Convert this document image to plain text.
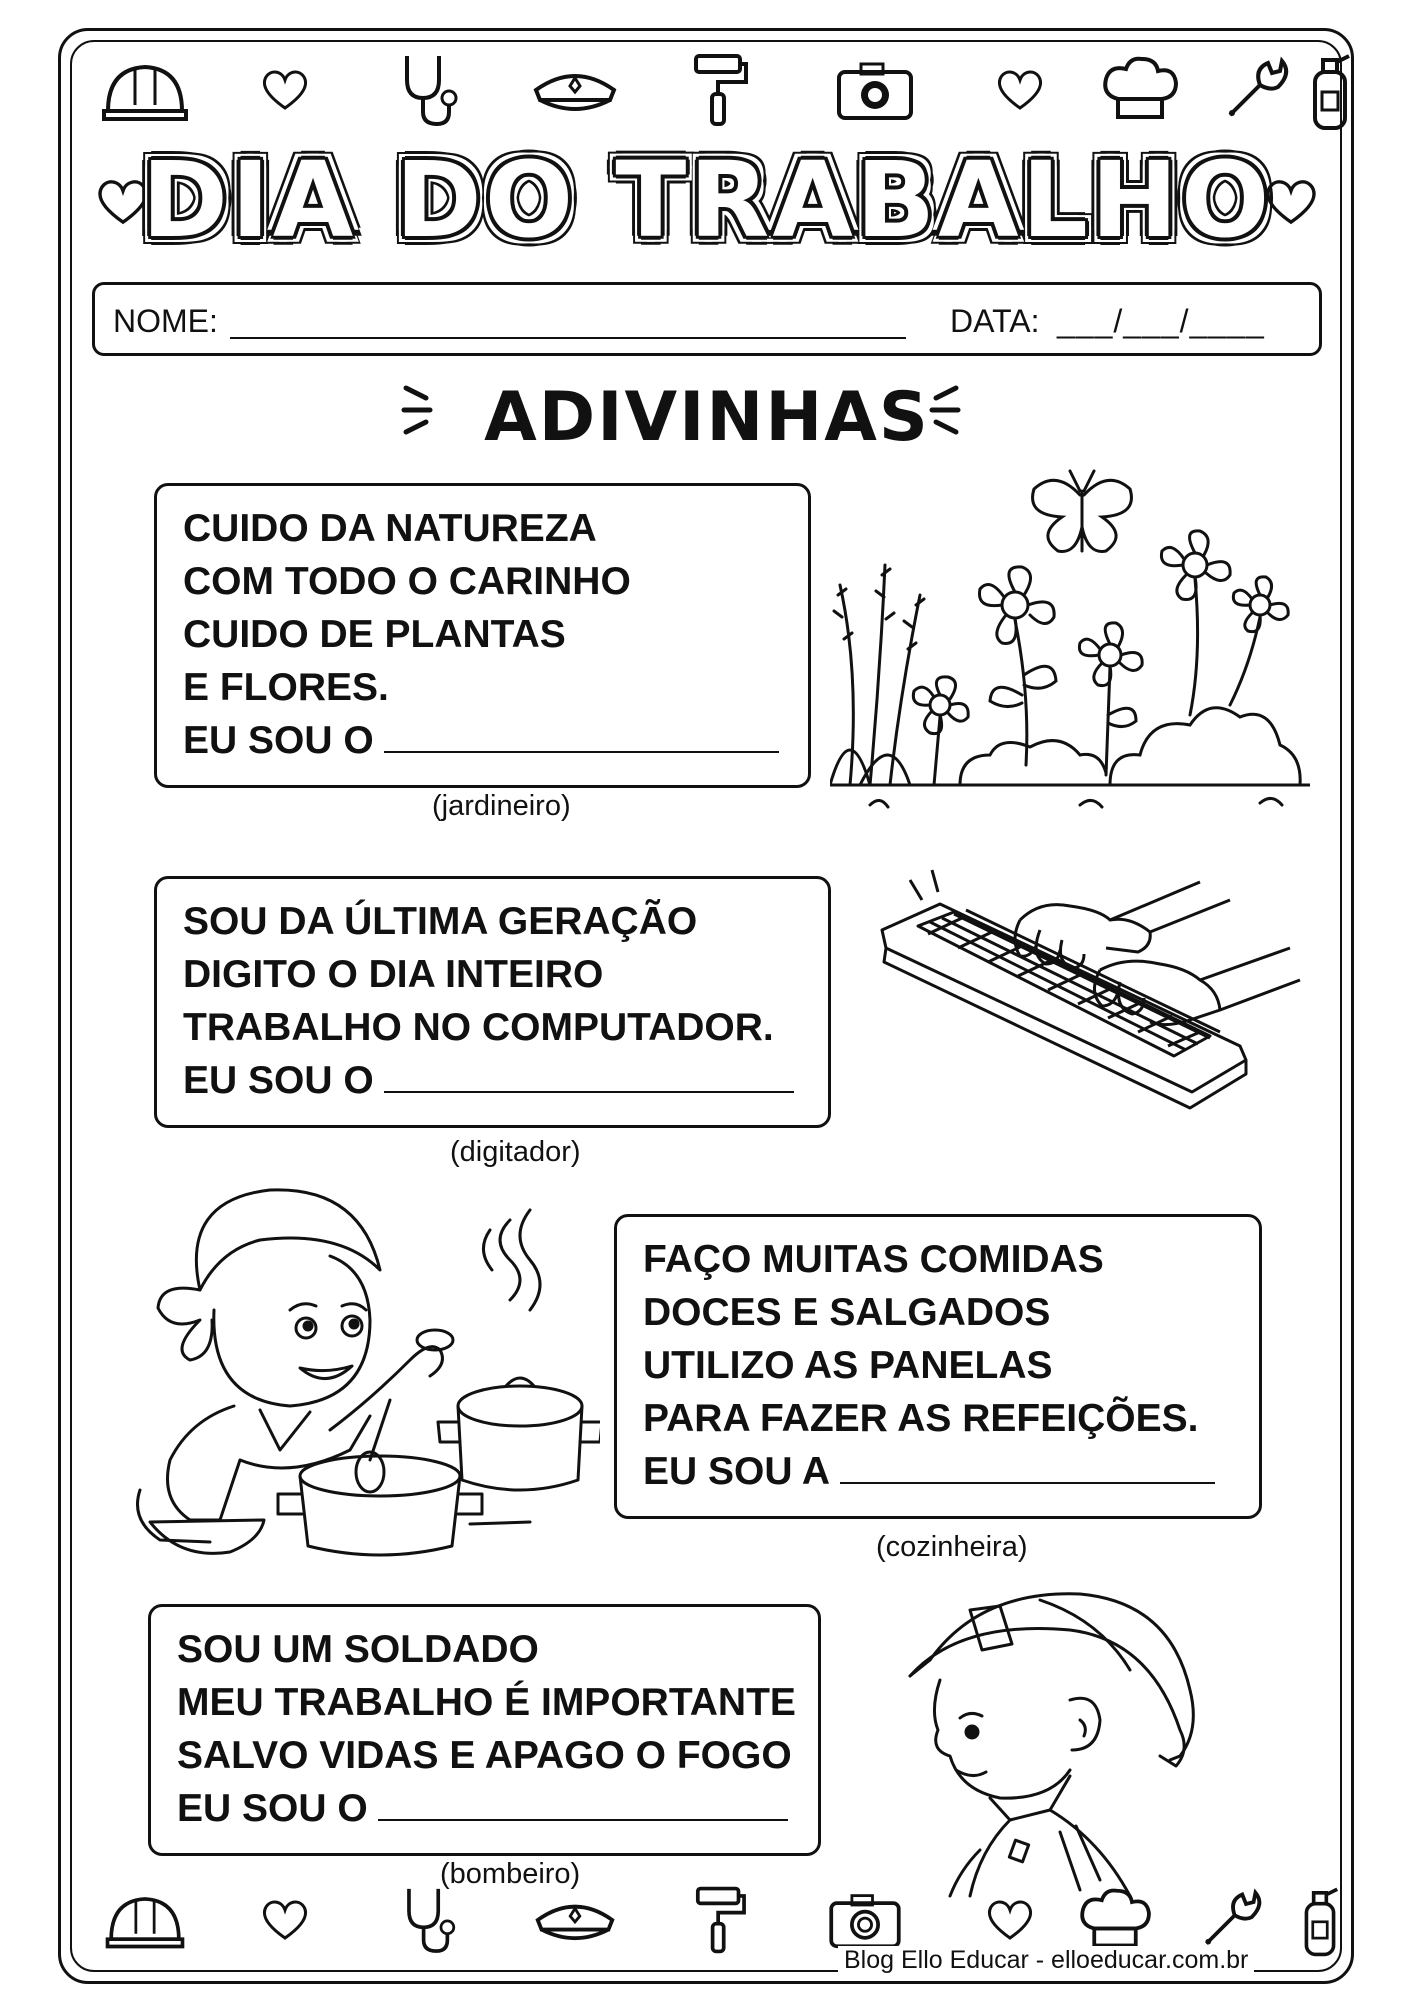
DIA DO TRABALHO
NOME:	DATA: ___/___/____
ADIVINHAS
CUIDO DA NATUREZA
COM TODO O CARINHO
CUIDO DE PLANTAS
E FLORES.
EU SOU O
(jardineiro)
SOU DA ÚLTIMA GERAÇÃO
DIGITO O DIA INTEIRO
TRABALHO NO COMPUTADOR.
EU SOU O
(digitador)
FAÇO MUITAS COMIDAS
DOCES E SALGADOS
UTILIZO AS PANELAS
PARA FAZER AS REFEIÇÕES.
EU SOU A
(cozinheira)
SOU UM SOLDADO
MEU TRABALHO É IMPORTANTE
SALVO VIDAS E APAGO O FOGO
EU SOU O
(bombeiro)
Blog Ello Educar - elloeducar.com.br
